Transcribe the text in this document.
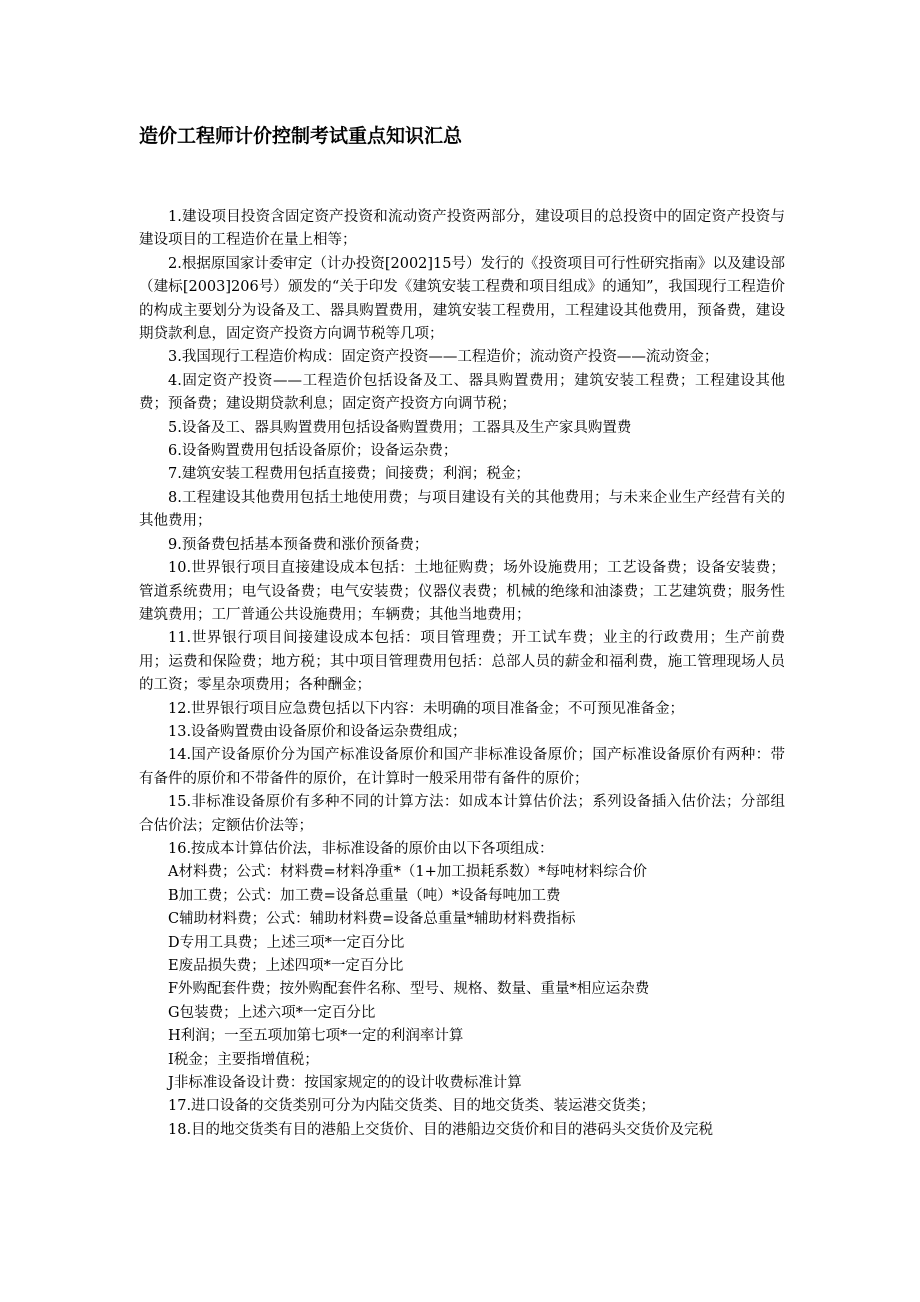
造价工程师计价控制考试重点知识汇总

1.建设项目投资含固定资产投资和流动资产投资两部分，建设项目的总投资中的固定资产投资与建设项目的工程造价在量上相等；

2.根据原国家计委审定（计办投资[2002]15号）发行的《投资项目可行性研究指南》以及建设部（建标[2003]206号）颁发的“关于印发《建筑安装工程费和项目组成》的通知”，我国现行工程造价的构成主要划分为设备及工、器具购置费用，建筑安装工程费用，工程建设其他费用，预备费，建设期贷款利息，固定资产投资方向调节税等几项；

3.我国现行工程造价构成：固定资产投资——工程造价；流动资产投资——流动资金；

4.固定资产投资——工程造价包括设备及工、器具购置费用；建筑安装工程费；工程建设其他费；预备费；建设期贷款利息；固定资产投资方向调节税；

5.设备及工、器具购置费用包括设备购置费用；工器具及生产家具购置费

6.设备购置费用包括设备原价；设备运杂费；

7.建筑安装工程费用包括直接费；间接费；利润；税金；

8.工程建设其他费用包括土地使用费；与项目建设有关的其他费用；与未来企业生产经营有关的其他费用；

9.预备费包括基本预备费和涨价预备费；

10.世界银行项目直接建设成本包括：土地征购费；场外设施费用；工艺设备费；设备安装费；管道系统费用；电气设备费；电气安装费；仪器仪表费；机械的绝缘和油漆费；工艺建筑费；服务性建筑费用；工厂普通公共设施费用；车辆费；其他当地费用；

11.世界银行项目间接建设成本包括：项目管理费；开工试车费；业主的行政费用；生产前费用；运费和保险费；地方税；其中项目管理费用包括：总部人员的薪金和福利费，施工管理现场人员的工资；零星杂项费用；各种酬金；

12.世界银行项目应急费包括以下内容：未明确的项目准备金；不可预见准备金；

13.设备购置费由设备原价和设备运杂费组成；

14.国产设备原价分为国产标准设备原价和国产非标准设备原价；国产标准设备原价有两种：带有备件的原价和不带备件的原价，在计算时一般采用带有备件的原价；

15.非标准设备原价有多种不同的计算方法：如成本计算估价法；系列设备插入估价法；分部组合估价法；定额估价法等；

16.按成本计算估价法，非标准设备的原价由以下各项组成：

A材料费；公式：材料费=材料净重*（1+加工损耗系数）*每吨材料综合价

B加工费；公式：加工费=设备总重量（吨）*设备每吨加工费

C辅助材料费；公式：辅助材料费=设备总重量*辅助材料费指标

D专用工具费；上述三项*一定百分比

E废品损失费；上述四项*一定百分比

F外购配套件费；按外购配套件名称、型号、规格、数量、重量*相应运杂费

G包装费；上述六项*一定百分比

H利润；一至五项加第七项*一定的利润率计算

I税金；主要指增值税；

J非标准设备设计费：按国家规定的的设计收费标准计算

17.进口设备的交货类别可分为内陆交货类、目的地交货类、装运港交货类；

18.目的地交货类有目的港船上交货价、目的港船边交货价和目的港码头交货价及完税
